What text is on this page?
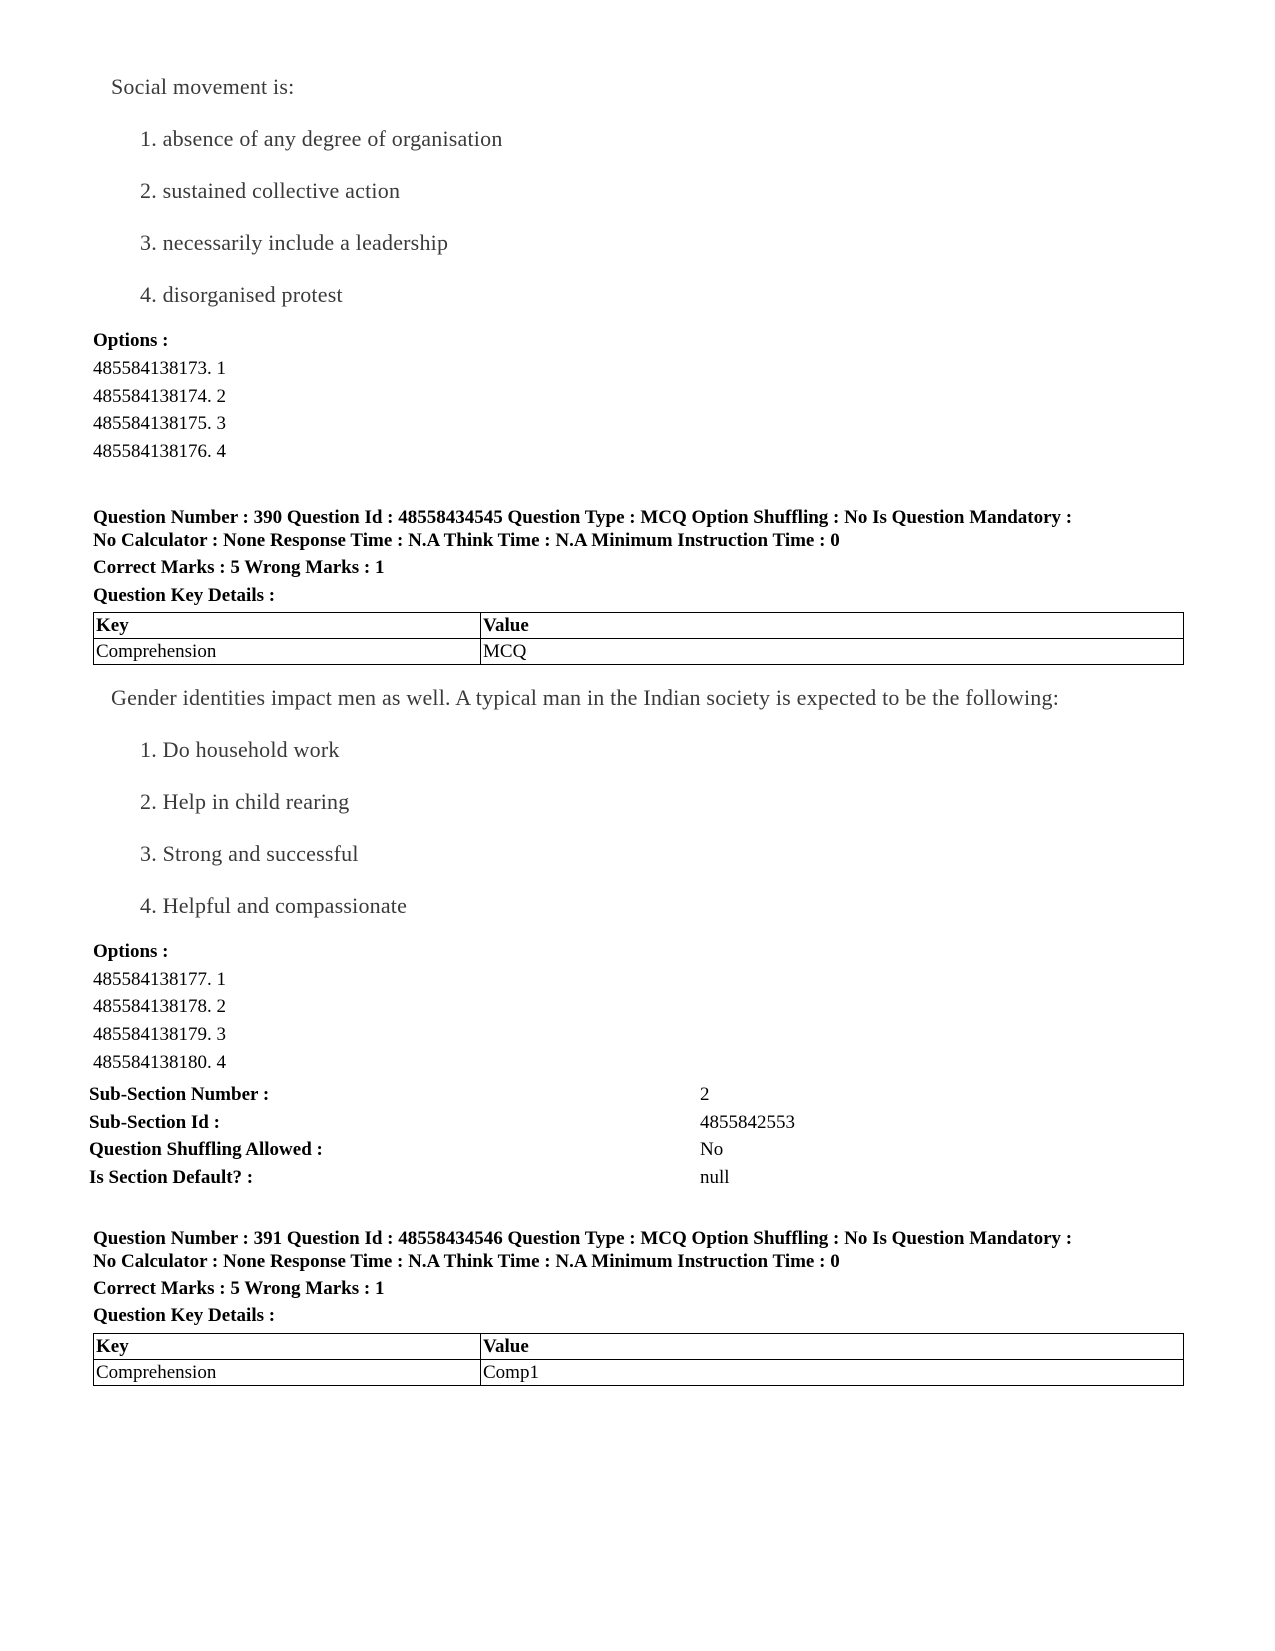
Social movement is:
1. absence of any degree of organisation
2. sustained collective action
3. necessarily include a leadership
4. disorganised protest
Options :
485584138173. 1
485584138174. 2
485584138175. 3
485584138176. 4
Question Number : 390 Question Id : 48558434545 Question Type : MCQ Option Shuffling : No Is Question Mandatory :
No Calculator : None Response Time : N.A Think Time : N.A Minimum Instruction Time : 0
Correct Marks : 5 Wrong Marks : 1
Question Key Details :
Key	Value
Comprehension	MCQ
Gender identities impact men as well. A typical man in the Indian society is expected to be the following:
1. Do household work
2. Help in child rearing
3. Strong and successful
4. Helpful and compassionate
Options :
485584138177. 1
485584138178. 2
485584138179. 3
485584138180. 4
Sub-Section Number :	2
Sub-Section Id :	4855842553
Question Shuffling Allowed :	No
Is Section Default? :	null
Question Number : 391 Question Id : 48558434546 Question Type : MCQ Option Shuffling : No Is Question Mandatory :
No Calculator : None Response Time : N.A Think Time : N.A Minimum Instruction Time : 0
Correct Marks : 5 Wrong Marks : 1
Question Key Details :
Key	Value
Comprehension	Comp1
